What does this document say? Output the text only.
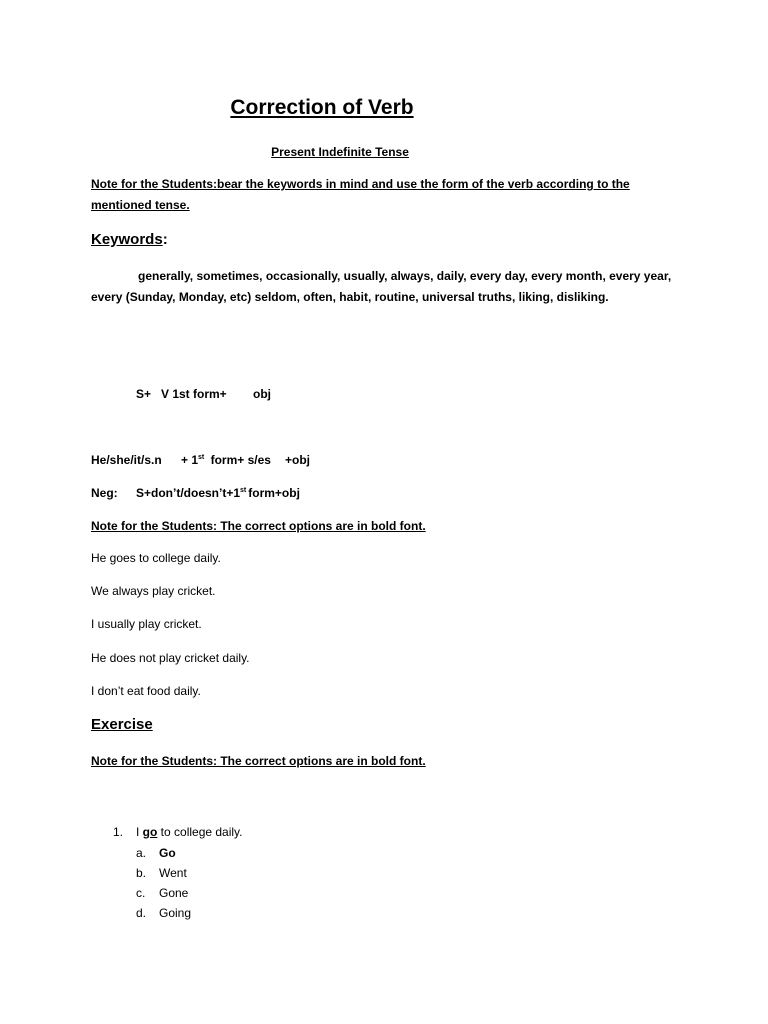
Correction of Verb
Present Indefinite Tense
Note for the Students:bear the keywords in mind and use the form of the verb according to the
mentioned tense.
Keywords:
generally, sometimes, occasionally, usually, always, daily, every day, every month, every year, every (Sunday, Monday, etc) seldom, often, habit, routine, universal truths, liking, disliking.
S+ V 1st form+ obj
He/she/it/s.n + 1st form+ s/es +obj
Neg: S+don’t/doesn’t+1st form+obj
Note for the Students: The correct options are in bold font.
He goes to college daily.
We always play cricket.
I usually play cricket.
He does not play cricket daily.
I don’t eat food daily.
Exercise
Note for the Students: The correct options are in bold font.
1. I go to college daily.
a. Go
b. Went
c. Gone
d. Going
